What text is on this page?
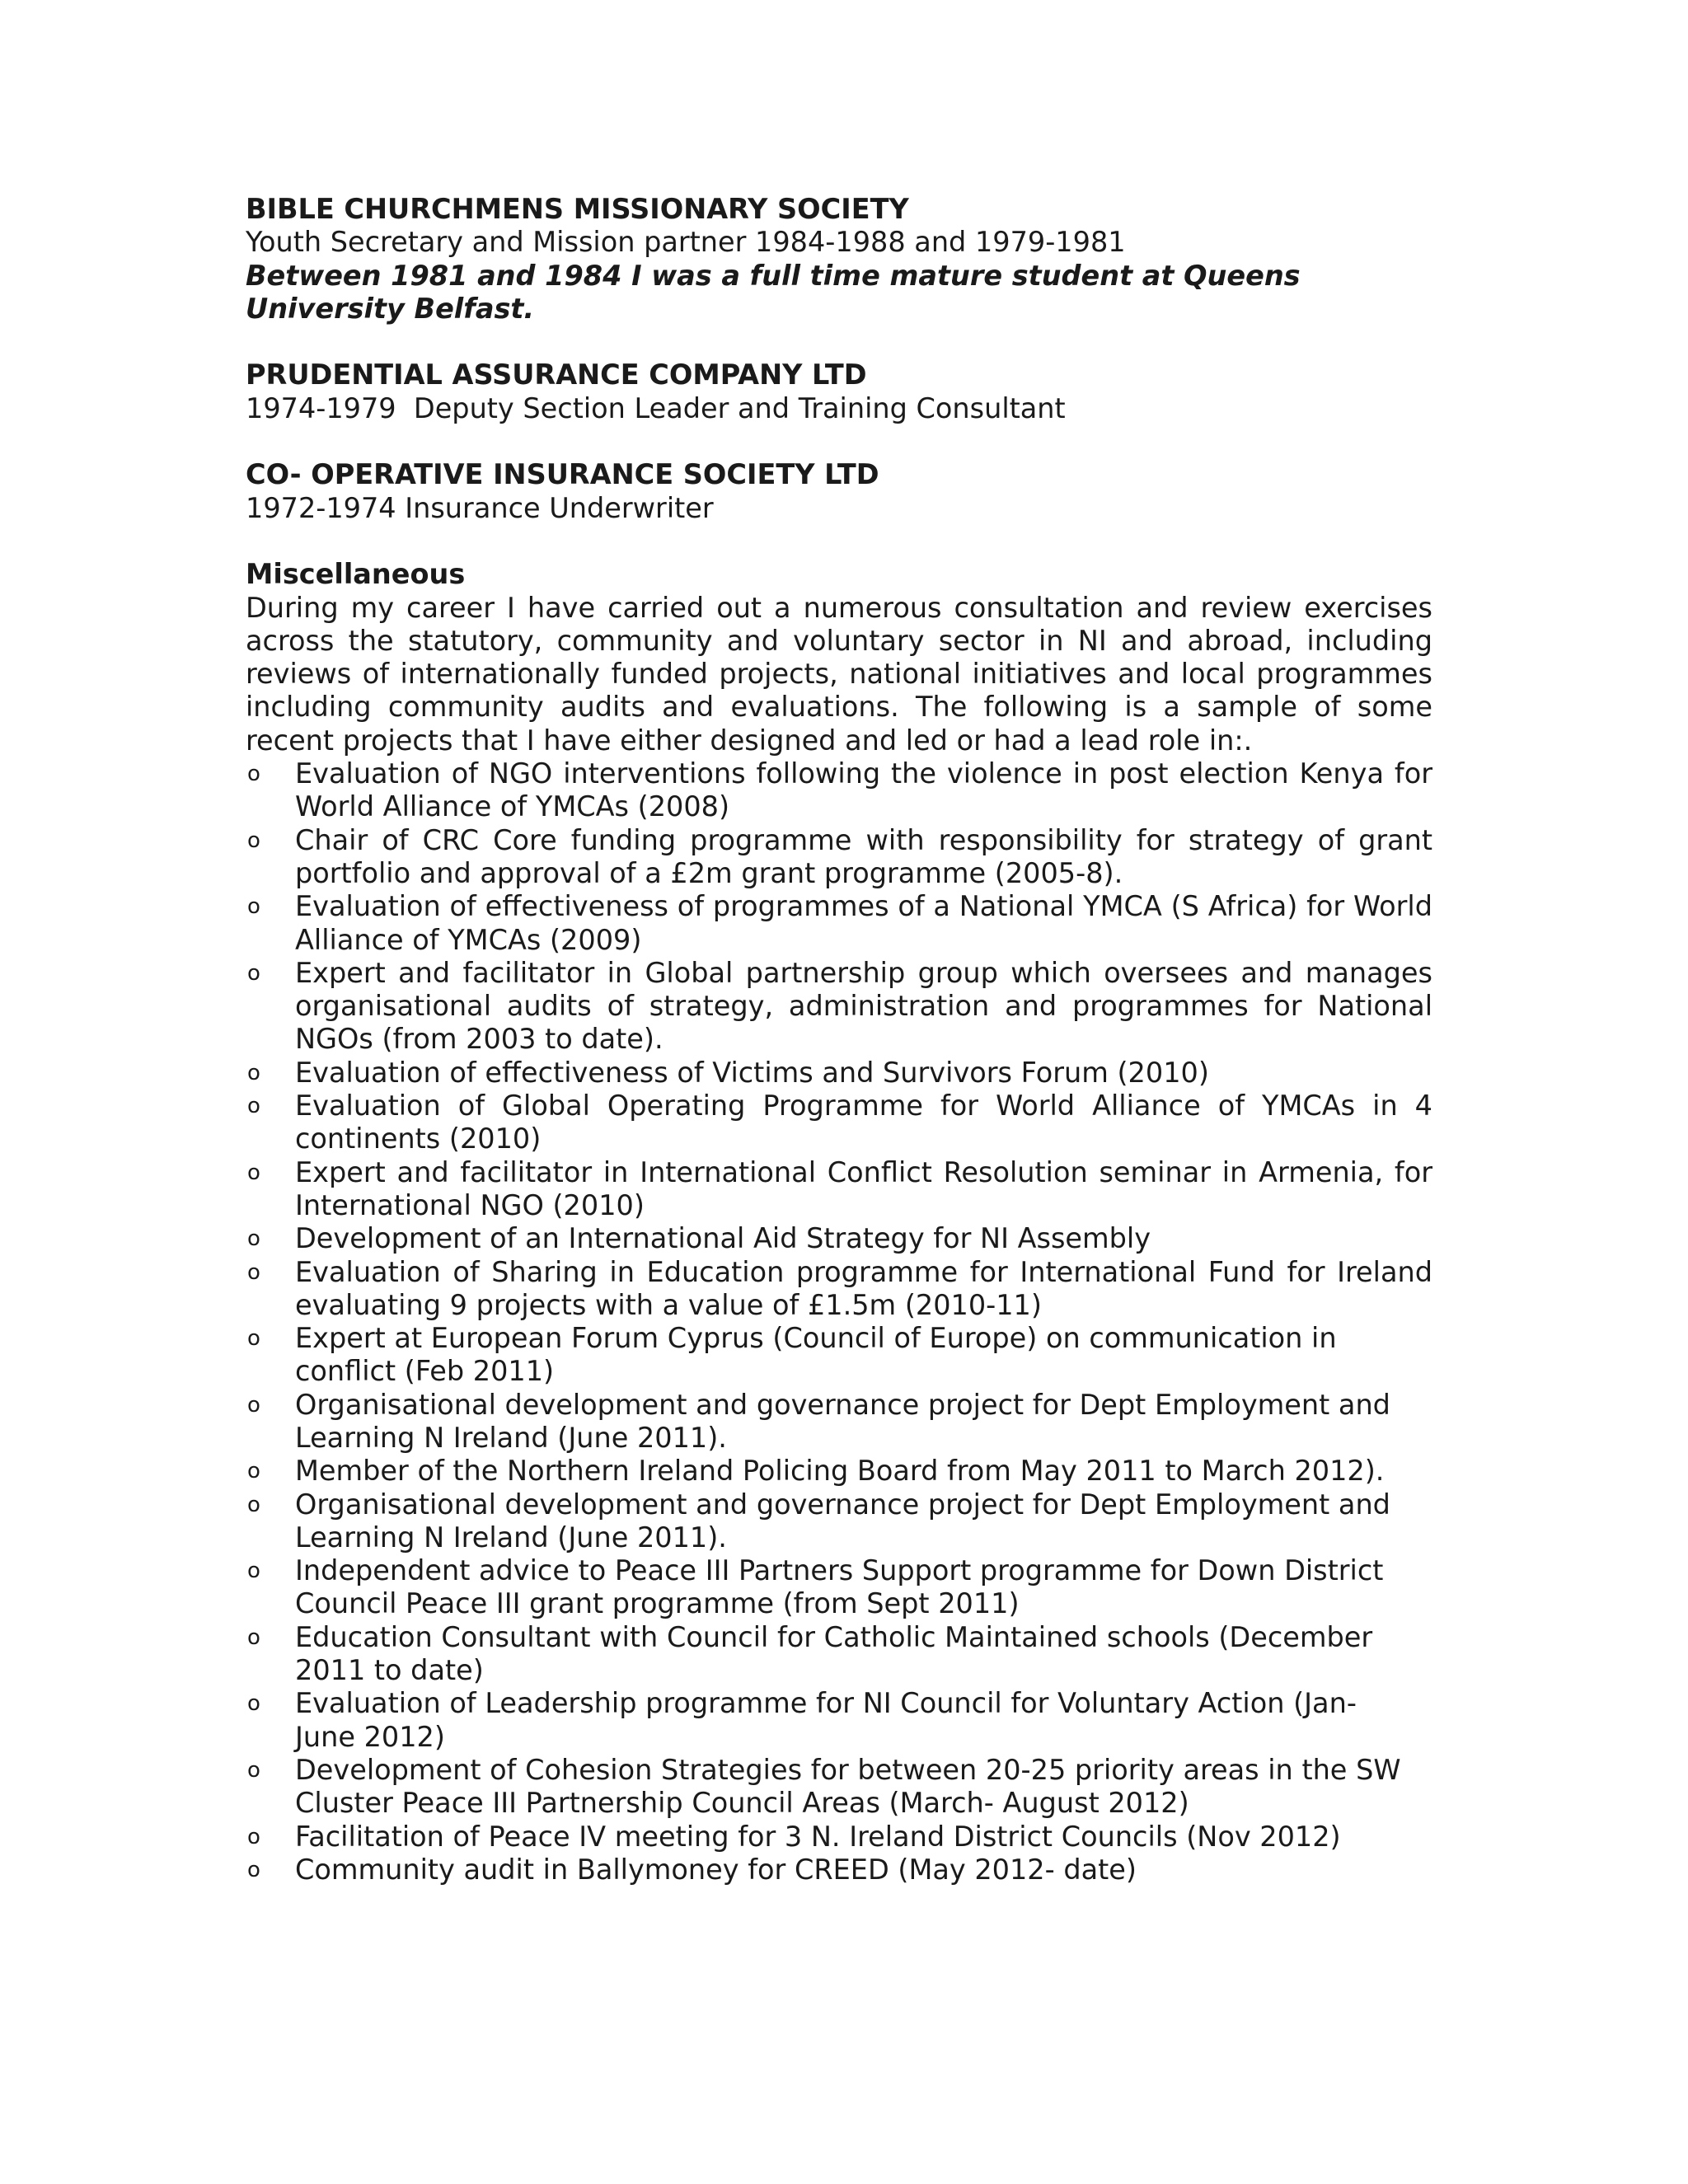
BIBLE CHURCHMENS MISSIONARY SOCIETY

Youth Secretary and Mission partner 1984-1988 and 1979-1981

Between 1981 and 1984 I was a full time mature student at Queens

University Belfast.

PRUDENTIAL ASSURANCE COMPANY LTD

1974-1979  Deputy Section Leader and Training Consultant

CO- OPERATIVE INSURANCE SOCIETY LTD

1972-1974 Insurance Underwriter

Miscellaneous

During my career I have carried out a numerous consultation and review exercises across the statutory, community and voluntary sector in NI and abroad, including reviews of internationally funded projects, national initiatives and local programmes including community audits and evaluations. The following is a sample of some recent projects that I have either designed and led or had a lead role in:.

o Evaluation of NGO interventions following the violence in post election Kenya for World Alliance of YMCAs (2008)
o Chair of CRC Core funding programme with responsibility for strategy of grant portfolio and approval of a £2m grant programme (2005-8).
o Evaluation of effectiveness of programmes of a National YMCA (S Africa) for World Alliance of YMCAs (2009)
o Expert and facilitator in Global partnership group which oversees and manages organisational audits of strategy, administration and programmes for National NGOs (from 2003 to date).
o Evaluation of effectiveness of Victims and Survivors Forum (2010)
o Evaluation of Global Operating Programme for World Alliance of YMCAs in 4 continents (2010)
o Expert and facilitator in International Conflict Resolution seminar in Armenia, for International NGO (2010)
o Development of an International Aid Strategy for NI Assembly
o Evaluation of Sharing in Education programme for International Fund for Ireland evaluating 9 projects with a value of £1.5m (2010-11)
o Expert at European Forum Cyprus (Council of Europe) on communication in conflict (Feb 2011)
o Organisational development and governance project for Dept Employment and Learning N Ireland (June 2011).
o Member of the Northern Ireland Policing Board from May 2011 to March 2012).
o Organisational development and governance project for Dept Employment and Learning N Ireland (June 2011).
o Independent advice to Peace III Partners Support programme for Down District Council Peace III grant programme (from Sept 2011)
o Education Consultant with Council for Catholic Maintained schools (December 2011 to date)
o Evaluation of Leadership programme for NI Council for Voluntary Action (Jan-June 2012)
o Development of Cohesion Strategies for between 20-25 priority areas in the SW Cluster Peace III Partnership Council Areas (March- August 2012)
o Facilitation of Peace IV meeting for 3 N. Ireland District Councils (Nov 2012)
o Community audit in Ballymoney for CREED (May 2012- date)
